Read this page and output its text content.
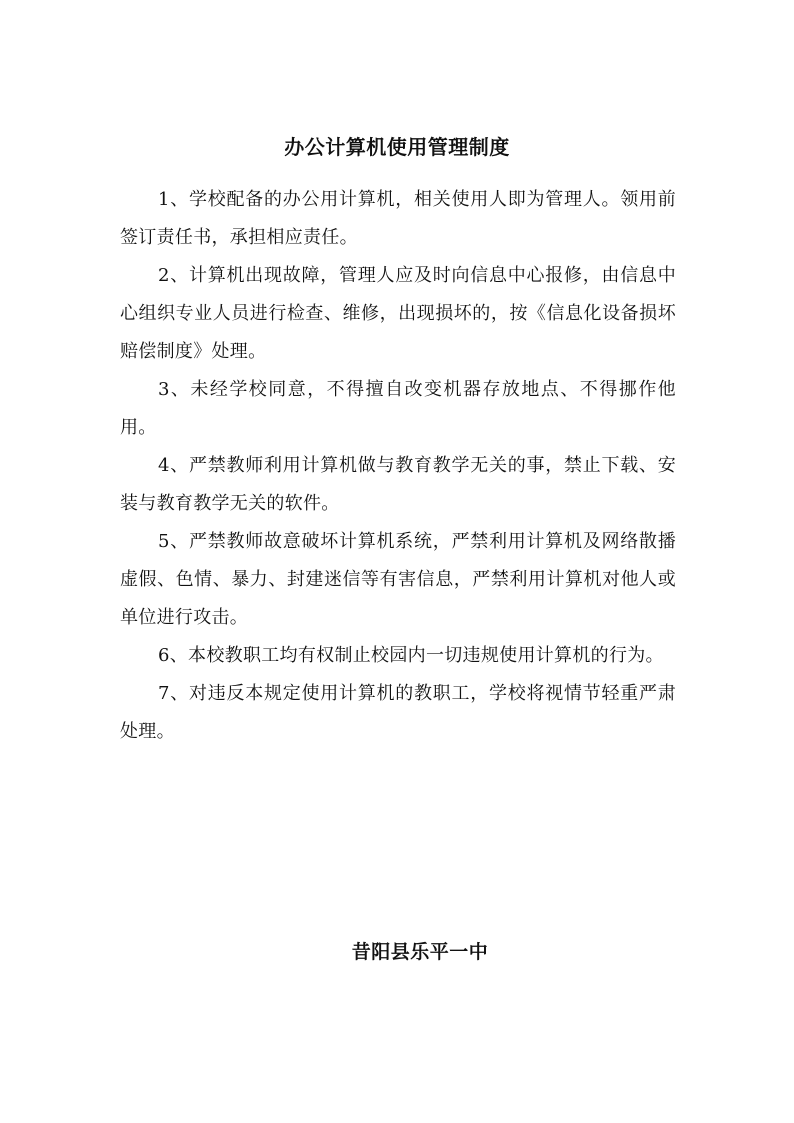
办公计算机使用管理制度

1、学校配备的办公用计算机，相关使用人即为管理人。领用前签订责任书，承担相应责任。

2、计算机出现故障，管理人应及时向信息中心报修，由信息中心组织专业人员进行检查、维修，出现损坏的，按《信息化设备损坏赔偿制度》处理。

3、未经学校同意，不得擅自改变机器存放地点、不得挪作他用。

4、严禁教师利用计算机做与教育教学无关的事，禁止下载、安装与教育教学无关的软件。

5、严禁教师故意破坏计算机系统，严禁利用计算机及网络散播虚假、色情、暴力、封建迷信等有害信息，严禁利用计算机对他人或单位进行攻击。

6、本校教职工均有权制止校园内一切违规使用计算机的行为。

7、对违反本规定使用计算机的教职工，学校将视情节轻重严肃处理。

昔阳县乐平一中
